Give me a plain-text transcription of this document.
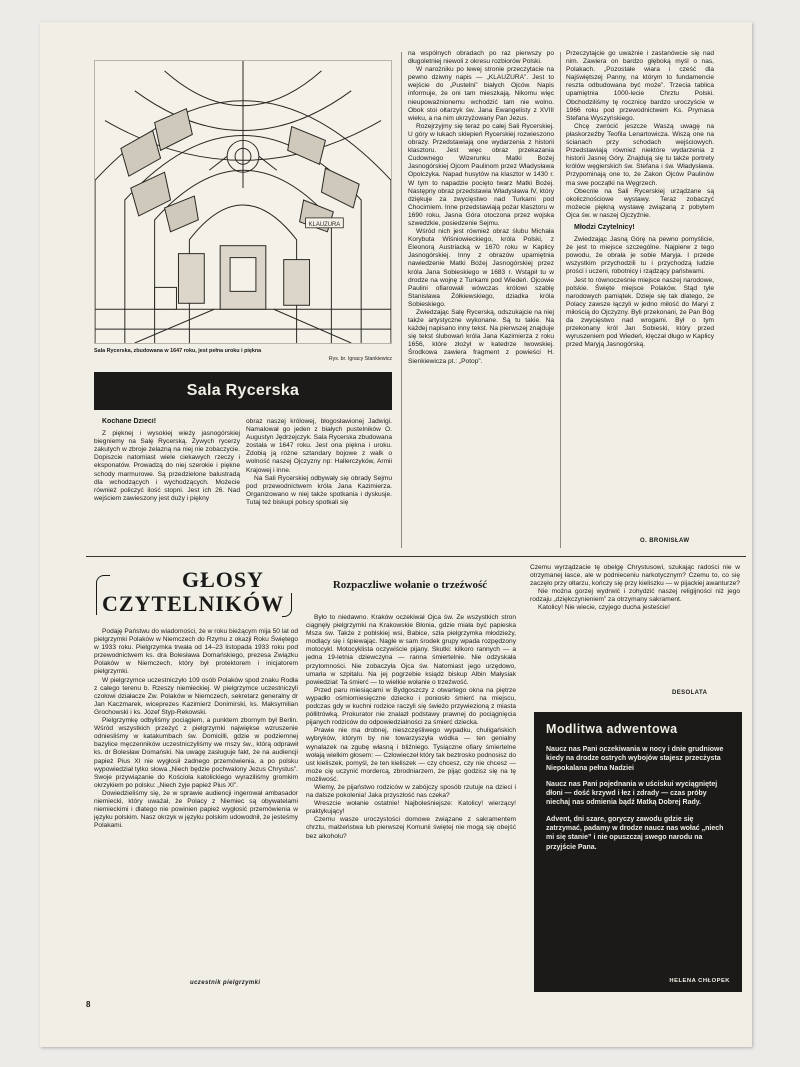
KLAUZURA
Sala Rycerska, zbudowana w 1647 roku, jest pełna uroku i piękna
Rys. br. Ignacy Stankiewicz
Sala Rycerska

Kochane Dzieci!

Z pięknej i wysokiej wieży jasnogórskiej biegniemy na Salę Rycerską. Żywych rycerzy zakutych w zbroje żelazną na niej nie zobaczycie. Dopiszcie natomiast wiele ciekawych rzeczy i eksponatów. Prowadzą do niej szerokie i piękne schody marmurowe. Są przedzielone balustradą dla wchodzących i wychodzących. Możecie również policzyć ilość stopni. Jest ich 26. Nad wejściem zawieszony jest duży i piękny

obraz naszej królowej, błogosławionej Jadwigi. Namalował go jeden z białych pustelników O. Augustyn Jędrzejczyk. Sala Rycerska zbudowana została w 1647 roku. Jest ona piękna i uroku. Zdobią ją różne sztandary bojowe z walk o wolność naszej Ojczyzny np: Hallerczyków, Armii Krajowej i inne.

Na Sali Rycerskiej odbywały się obrady Sejmu pod przewodnictwem króla Jana Kazimierza. Organizowano w niej także spotkania i dyskusje. Tutaj też biskupi polscy spotkali się

na wspólnych obradach po raz pierwszy po długoletniej niewoli z okresu rozbiorów Polski.

W narożniku po lewej stronie przeczytacie na pewno dziwny napis — „KLAUZURA”. Jest to wejście do „Pustelni” białych Ojców. Napis informuje, że oni tam mieszkają. Nikomu więc nieupoważnionemu wchodzić tam nie wolno. Obok stoi ołtarzyk św. Jana Ewangelisty z XVIII wieku, a na nim ukrzyżowany Pan Jezus.

Rozejrzyjmy się teraz po całej Sali Rycerskiej. U góry w łukach sklepień Rycerskiej rozwieszono obrazy. Przedstawiają one wydarzenia z historii klasztoru. Jest więc obraz przekazania Cudownego Wizerunku Matki Bożej Jasnogórskiej Ojcom Paulinom przez Władysława Opolczyka. Napad husytów na klasztor w 1430 r. W tym to napadzie pocięto twarz Matki Bożej. Następny obraz przedstawia Władysława IV, który dziękuje za zwycięstwo nad Turkami pod Chocimiem. Inne przedstawiają pożar klasztoru w 1690 roku, Jasna Góra otoczona przez wojska szwedzkie, posiedzenie Sejmu.

Wśród nich jest również obraz ślubu Michała Korybuta Wiśniowieckiego, króla Polski, z Eleonorą Austriacką w 1670 roku w Kaplicy Jasnogórskiej. Inny z obrazów upamiętnia nawiedzenie Matki Bożej Jasnogórskiej przez króla Jana Sobieskiego w 1683 r. Wstąpił tu w drodze na wojnę z Turkami pod Wiedeń. Ojcowie Paulini ofiarowali wówczas królowi szablę Stanisława Żółkiewskiego, dziadka króla Sobieskiego.

Zwiedzając Salę Rycerską, odszukajcie na niej także artystyczne wykonane. Są tu takie. Na każdej napisano inny tekst. Na pierwszej znajduje się tekst ślubowań króla Jana Kazimierza z roku 1656, które złożył w katedrze lwowskiej. Środkowa zawiera fragment z powieści H. Sienkiewicza pt.: „Potop”.

Przeczytajcie go uważnie i zastanówcie się nad nim. Zawiera on bardzo głęboką myśl o nas, Polakach. „Pozostałe wiara i cześć dla Najświętszej Panny, na którym to fundamencie reszta odbudowana być może”. Trzecia tablica upamiętnia 1000-lecie Chrztu Polski. Obchodziliśmy tę rocznicę bardzo uroczyście w 1966 roku pod przewodnictwem Ks. Prymasa Stefana Wyszyńskiego.

Chcę zwrócić jeszcze Waszą uwagę na płaskorzeźby Teofila Lenartowicza. Wiszą one na ścianach przy schodach wejściowych. Przedstawiają również niektóre wydarzenia z historii Jasnej Góry. Znajdują się tu także portrety królów węgierskich św. Stefana i św. Władysława. Przypominają one to, że Zakon Ojców Paulinów ma swe początki na Węgrzech.

Obecnie na Sali Rycerskiej urządzane są okolicznościowe wystawy. Teraz zobaczyć możecie piękną wystawę związaną z pobytem Ojca św. w naszej Ojczyźnie.

Młodzi Czytelnicy!

Zwiedzając Jasną Górę na pewno pomyślicie, że jest to miejsce szczególne. Najpierw z tego powodu, że obrała je sobie Maryja. I przede wszystkim przychodzili tu i przychodzą ludzie prości i uczeni, robotnicy i rządzący państwami.

Jest to równocześnie miejsce naszej narodowe, polskie. Święte miejsce Polaków. Stąd tyle narodowych pamiątek. Dzieje się tak dlatego, że Polacy zawsze łączyli w jedno miłość do Maryi z miłością do Ojczyzny. Byli przekonani, że Pan Bóg da zwycięstwo nad wrogami. Był o tym przekonany król Jan Sobieski, który przed wyruszeniem pod Wiedeń, klęczał długo w Kaplicy przed Maryją Jasnogórską.

O. BRONISŁAW
GŁOSY
CZYTELNIKÓW

Podaję Państwu do wiadomości, że w roku bieżącym mija 50 lat od pielgrzymki Polaków w Niemczech do Rzymu z okazji Roku Świętego w 1933 roku. Pielgrzymka trwała od 14–23 listopada 1933 roku pod przewodnictwem ks. dra Bolesława Domańskiego, prezesa Związku Polaków w Niemczech, który był protektorem i inicjatorem pielgrzymki.

W pielgrzymce uczestniczyło 109 osób Polaków spod znaku Rodła z całego terenu b. Rzeszy niemieckiej. W pielgrzymce uczestniczyli czołowi działacze Zw. Polaków w Niemczech, sekretarz generalny dr Jan Kaczmarek, wiceprezes Kazimierz Donimirski, ks. Maksymilian Grochowski i ks. Józef Styp-Rekowski.

Pielgrzymkę odbyliśmy pociągiem, a punktem zbornym był Berlin. Wśród wszystkich przeżyć z pielgrzymki najwiękse wzruszenie odniesliśmy w katakumbach św. Domicilli, gdzie w podziemnej bazylice męczenników uczestniczyliśmy we mszy św., którą odprawił ks. dr Bolesław Domański. Na uwagę zasługuje fakt, że na audiencji papież Pius XI nie wygłosił żadnego przemówienia, a po polsku wypowiedział tylko słowa „Niech będzie pochwalony Jezus Chrystus”. Swoje przywiązanie do Kościoła katolickiego wyraziliśmy gromkim okrzykiem po polsku: „Niech żyje papież Pius XI”.

Dowiedzieliśmy się, że w sprawie audiencji ingerował ambasador niemiecki, który uważał, że Polacy z Niemiec są obywatelami niemieckimi i dlatego nie powinien papież wygłosić przemówienia w języku polskim. Nasz okrzyk w języku polskim udowodnił, że jesteśmy Polakami.

uczestnik pielgrzymki
Rozpaczliwe wołanie o trzeźwość

Było to niedawno. Kraków oczekiwał Ojca św. Ze wszystkich stron ciągnęły pielgrzymki na Krakowskie Błonia, gdzie miała być papieska Msza św. Także z poblskiej wsi, Babice, szła pielgrzymka młodzieży, modlący się i śpiewając. Nagle w sam środek grupy wpada rozpędzony motocykl. Motocyklista oczywiście pijany. Skutki: kilkoro rannych — a jedna 19-letnia dziewczyna — ranna śmiertelnie. Nie odzyskała przytomności. Nie zobaczyła Ojca św. Natomiast jego urzędowo, umarła w szpitalu. Na jej pogrzebie ksiądz biskup Albin Małysiak powiedział: Ta śmierć — to wielkie wołanie o trzeźwość.

Przed paru miesiącami w Bydgoszczy z otwartego okna na piętrze wypadło ośmiomiesięczne dziecko i poniosło śmierć na miejscu, podczas gdy w kuchni rodzice raczyli się świeżo przywiezioną z miasta półlitrówką. Prokurator nie znalazł podstawy prawnej do pociągnięcia pijanych rodziców do odpowiedzialności za śmierć dziecka.

Prawie nie ma drobnej, nieszczęśliwego wypadku, chuligańskich wybryków, którym by nie towarzyszyła wódka — ten genialny wynalazek na zgubę własną i bliźniego. Tysiączne ofiary śmiertelne wołają wielkim głosem: — Człowieczeł który tak beztrosko podnosisz do ust kieliszek, pomyśl, że ten kieliszek — czy chcesz, czy nie chcesz — może cię uczynić mordercą, zbrodniarzem, że pijąc godzisz się na tę możliwość.

Wiemy, że pijaństwo rodziców w zabójczy sposób rzutuje na dzieci i na dalsze pokolenia! Jaka przyszłość nas czeka?

Wreszcie wołanie ostatnie! Najboleśniejsze: Katolicy! wierzący! praktykujący!

Czemu wasze uroczystości domowe związane z sakramentem chrztu, małżeństwa lub pierwszej Komunii świętej nie mogą się obejść bez alkoholu?

Czemu wyrządzacie tę obelgę Chrystusowi, szukając radości nie w otrzymanej łasce, ale w podnieceniu narkotycznym? Czemu to, co się zaczęło przy ołtarzu, kończy się przy kieliszku — w pijackiej awanturze?

Nie można gorzej wydrwić i zohydzić naszej religijności niż jego rodzaju „dziękczynieniem” za otrzymany sakrament.

Katolicy! Nie wiecie, czyjego ducha jesteście!

DESOLATA
Modlitwa adwentowa

Naucz nas Pani oczekiwania w nocy i dnie grudniowe kiedy na drodze ostrych wybojów stajesz przecżysta Niepokalana pełna Nadziei

Naucz nas Pani pojednania w uściskui wyciągniętej dłoni — dość krzywd i łez i zdrady — czas próby niechaj nas odmienia bądź Matką Dobrej Rady.

Advent, dni szare, goryczy zawodu gdzie się zatrzymać, padamy w drodze naucz nas wołać „niech mi się stanie” i nie opuszczaj swego narodu na przyjście Pana.

HELENA CHŁOPEK
8
